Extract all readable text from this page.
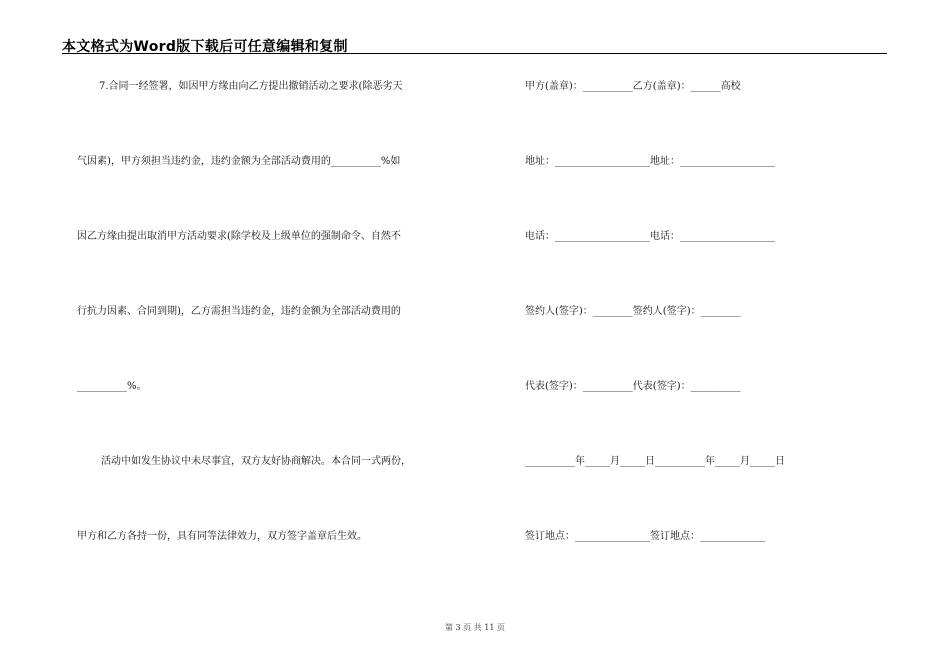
本文格式为Word版下载后可任意编辑和复制
7.合同一经签署，如因甲方缘由向乙方提出撤销活动之要求(除恶劣天
气因素)，甲方须担当违约金，违约金额为全部活动费用的__________%如
因乙方缘由提出取消甲方活动要求(除学校及上级单位的强制命令、自然不
行抗力因素、合同到期)，乙方需担当违约金，违约金额为全部活动费用的
__________%。
活动中如发生协议中未尽事宜，双方友好协商解决。本合同一式两份，
甲方和乙方各持一份，具有同等法律效力，双方签字盖章后生效。
甲方(盖章)：__________乙方(盖章)：______高校
地址：___________________地址：___________________
电话：___________________电话：___________________
签约人(签字)：________签约人(签字)：________
代表(签字)：__________代表(签字)：__________
__________年_____月_____日__________年_____月_____日
签订地点：_______________签订地点：_____________
第 3 页 共 11 页
